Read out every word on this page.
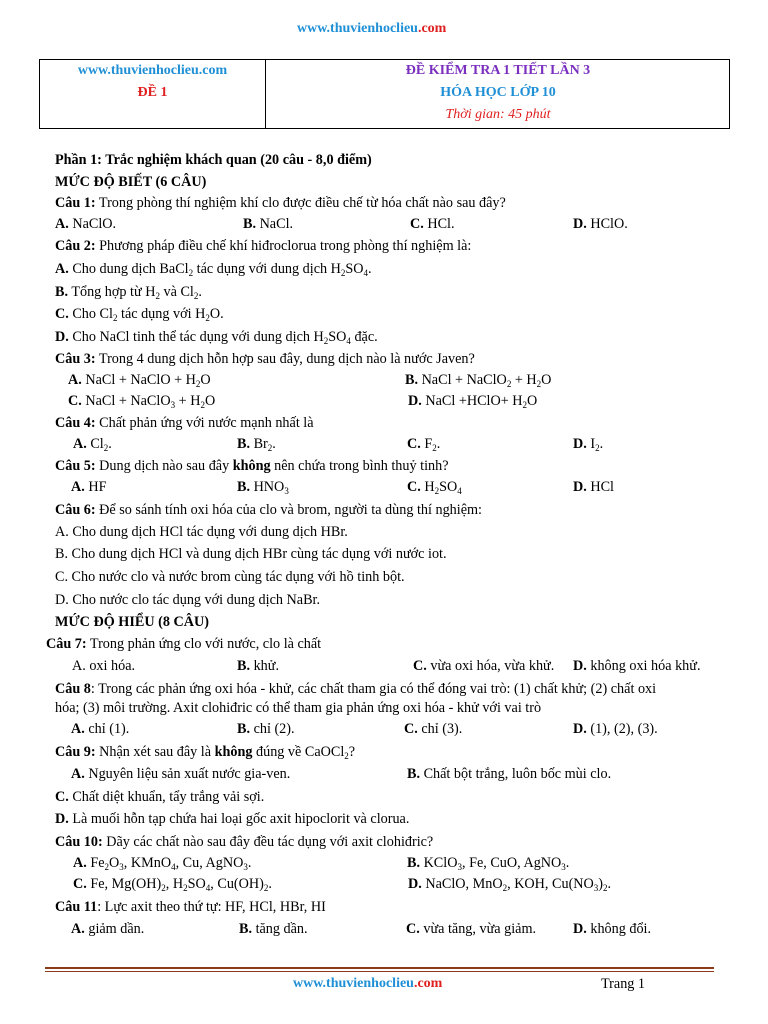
www.thuvienhoclieu.com
www.thuvienhoclieu.com
ĐỀ 1
ĐỀ KIỂM TRA 1 TIẾT LẦN 3
HÓA HỌC LỚP 10
Thời gian: 45 phút
Phần 1: Trắc nghiệm khách quan (20 câu - 8,0 điểm)
MỨC ĐỘ BIẾT (6 CÂU)
Câu 1: Trong phòng thí nghiệm khí clo được điều chế từ hóa chất nào sau đây?
A. NaClO.	B. NaCl.	C. HCl.	D. HClO.
Câu 2: Phương pháp điều chế khí hiđroclorua trong phòng thí nghiệm là:
A. Cho dung dịch BaCl$_2$ tác dụng với dung dịch $H_2SO_4$.
B. Tổng hợp từ $H_2$ và $Cl_2$.
C. Cho $Cl_2$ tác dụng với $H_2O$.
D. Cho NaCl tinh thể tác dụng với dung dịch $H_2SO_4$ đặc.
Câu 3: Trong 4 dung dịch hỗn hợp sau đây, dung dịch nào là nước Javen?
A. NaCl + NaClO + $H_2O$	B. NaCl + NaClO$_2$ + $H_2O$
C. NaCl + NaClO$_3$ + $H_2O$	D. NaCl +HClO+ $H_2O$
Câu 4: Chất phản ứng với nước mạnh nhất là
A. $Cl_2$.	B. $Br_2$.	C. $F_2$.	D. $I_2$.
Câu 5: Dung dịch nào sau đây không nên chứa trong bình thuỷ tinh?
A. HF	B. $HNO_3$	C. $H_2SO_4$	D. HCl
Câu 6: Để so sánh tính oxi hóa của clo và brom, người ta dùng thí nghiệm:
A. Cho dung dịch HCl tác dụng với dung dịch HBr.
B. Cho dung dịch HCl và dung dịch HBr cùng tác dụng với nước iot.
C. Cho nước clo và nước brom cùng tác dụng với hồ tinh bột.
D. Cho nước clo tác dụng với dung dịch NaBr.
MỨC ĐỘ HIỂU (8 CÂU)
Câu 7: Trong phản ứng clo với nước, clo là chất
A. oxi hóa.	B. khử.	C. vừa oxi hóa, vừa khử. D. không oxi hóa khử.
Câu 8: Trong các phản ứng oxi hóa - khử, các chất tham gia có thể đóng vai trò: (1) chất khử; (2) chất oxi
hóa; (3) môi trường. Axit clohiđric có thể tham gia phản ứng oxi hóa - khử với vai trò
A. chỉ (1).	B. chỉ (2).	C. chỉ (3).	D. (1), (2), (3).
Câu 9: Nhận xét sau đây là không đúng về CaOCl$_2$?
A. Nguyên liệu sản xuất nước gia-ven.	B. Chất bột trắng, luôn bốc mùi clo.
C. Chất diệt khuẩn, tẩy trắng vải sợi.
D. Là muối hỗn tạp chứa hai loại gốc axit hipoclorit và clorua.
Câu 10: Dãy các chất nào sau đây đều tác dụng với axit clohiđric?
A. $Fe_2O_3$, KMnO$_4$, Cu, AgNO$_3$.	B. KClO$_3$, Fe, CuO, AgNO$_3$.
C. Fe, $Mg(OH)_2$, $H_2SO_4$, $Cu(OH)_2$.	D. NaClO, MnO$_2$, KOH, $Cu(NO_3)_2$.
Câu 11: Lực axit theo thứ tự: HF, HCl, HBr, HI
A. giảm dần.	B. tăng dần.	C. vừa tăng, vừa giảm.	D. không đổi.
www.thuvienhoclieu.com	Trang 1
